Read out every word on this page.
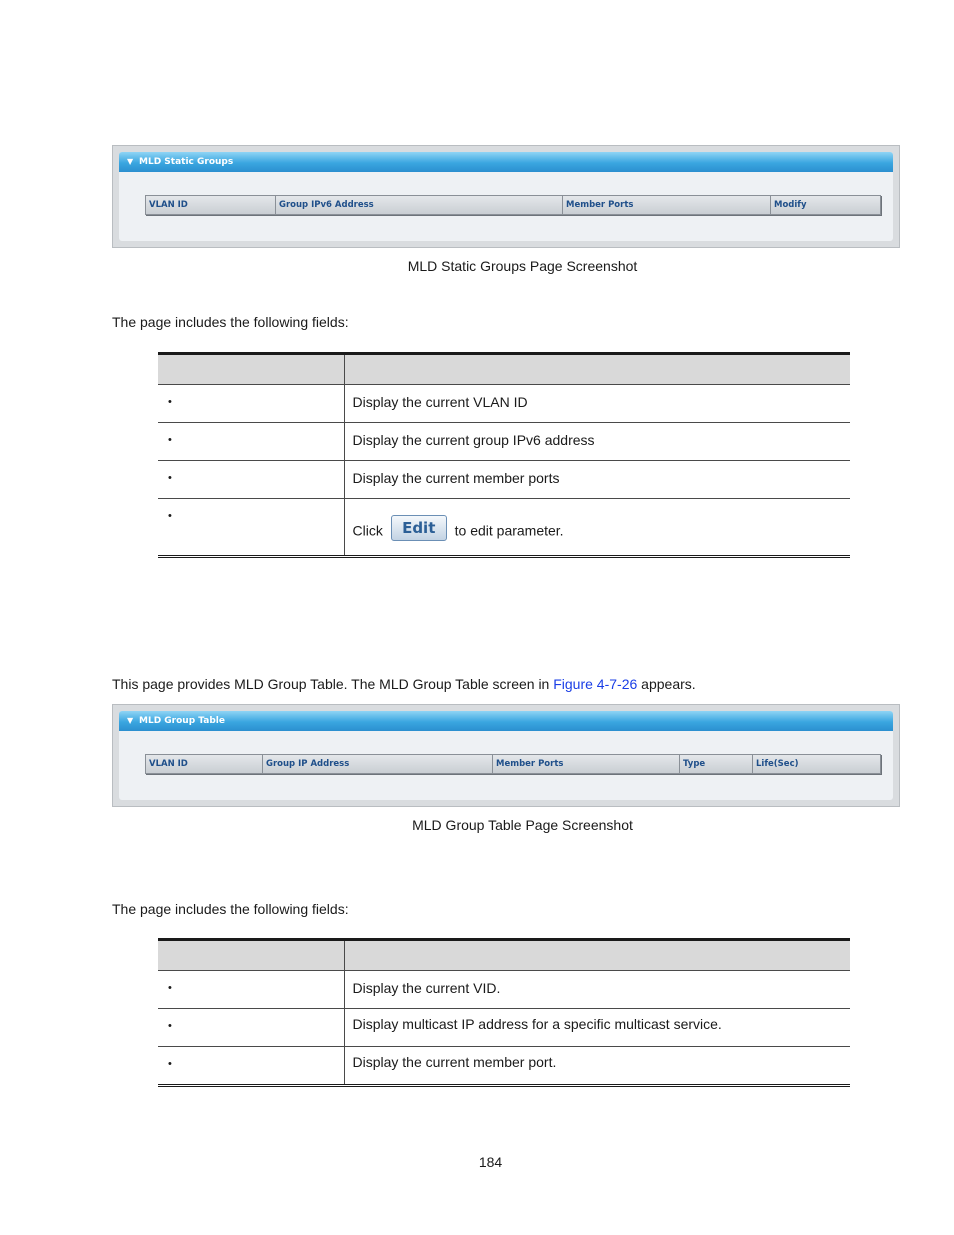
▼ MLD Static Groups
VLAN ID	Group IPv6 Address	Member Ports	Modify
MLD Static Groups Page Screenshot
The page includes the following fields:

•	Display the current VLAN ID
•	Display the current group IPv6 address
•	Display the current member ports
•	Click Edit to edit parameter.
This page provides MLD Group Table. The MLD Group Table screen in Figure 4-7-26 appears.
▼ MLD Group Table
VLAN ID	Group IP Address	Member Ports	Type	Life(Sec)
MLD Group Table Page Screenshot
The page includes the following fields:

•	Display the current VID.
•	Display multicast IP address for a specific multicast service.
•	Display the current member port.
184
